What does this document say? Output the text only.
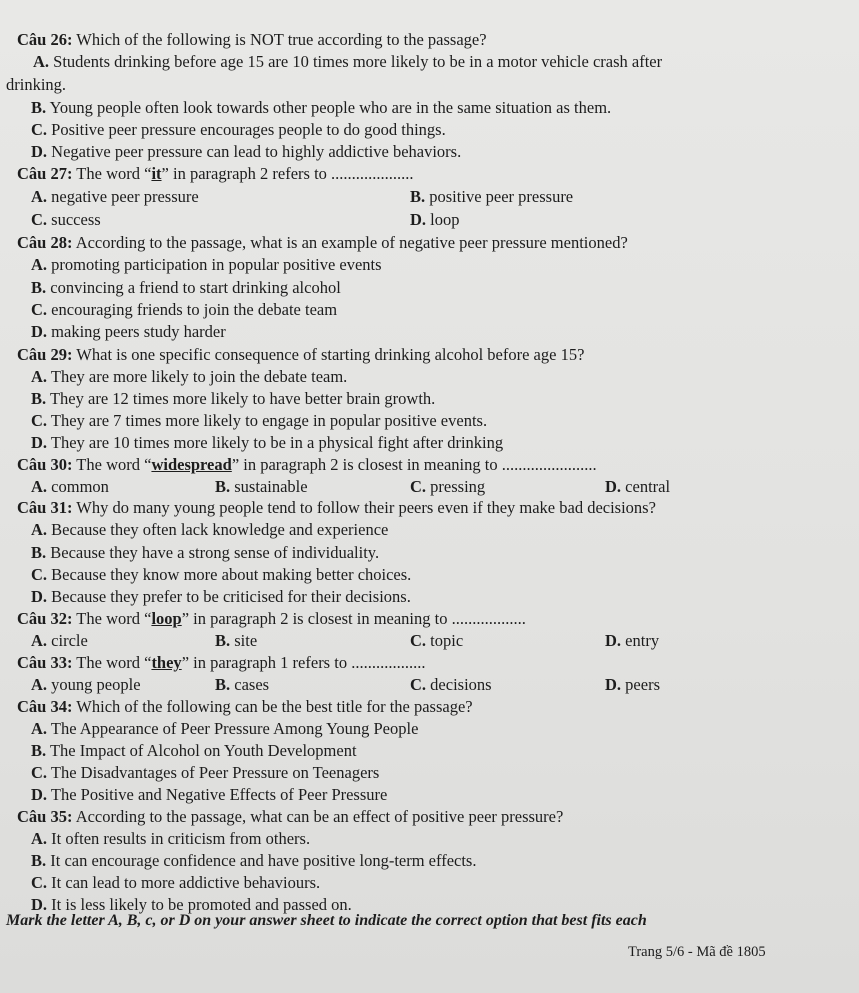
Câu 26: Which of the following is NOT true according to the passage?
A. Students drinking before age 15 are 10 times more likely to be in a motor vehicle crash after
drinking.
B. Young people often look towards other people who are in the same situation as them.
C. Positive peer pressure encourages people to do good things.
D. Negative peer pressure can lead to highly addictive behaviors.
Câu 27: The word “it” in paragraph 2 refers to ....................
A. negative peer pressure	B. positive peer pressure
C. success	D. loop
Câu 28: According to the passage, what is an example of negative peer pressure mentioned?
A. promoting participation in popular positive events
B. convincing a friend to start drinking alcohol
C. encouraging friends to join the debate team
D. making peers study harder
Câu 29: What is one specific consequence of starting drinking alcohol before age 15?
A. They are more likely to join the debate team.
B. They are 12 times more likely to have better brain growth.
C. They are 7 times more likely to engage in popular positive events.
D. They are 10 times more likely to be in a physical fight after drinking
Câu 30: The word “widespread” in paragraph 2 is closest in meaning to .......................
A. common	B. sustainable	C. pressing	D. central
Câu 31: Why do many young people tend to follow their peers even if they make bad decisions?
A. Because they often lack knowledge and experience
B. Because they have a strong sense of individuality.
C. Because they know more about making better choices.
D. Because they prefer to be criticised for their decisions.
Câu 32: The word “loop” in paragraph 2 is closest in meaning to ..................
A. circle	B. site	C. topic	D. entry
Câu 33: The word “they” in paragraph 1 refers to ..................
A. young people	B. cases	C. decisions	D. peers
Câu 34: Which of the following can be the best title for the passage?
A. The Appearance of Peer Pressure Among Young People
B. The Impact of Alcohol on Youth Development
C. The Disadvantages of Peer Pressure on Teenagers
D. The Positive and Negative Effects of Peer Pressure
Câu 35: According to the passage, what can be an effect of positive peer pressure?
A. It often results in criticism from others.
B. It can encourage confidence and have positive long-term effects.
C. It can lead to more addictive behaviours.
D. It is less likely to be promoted and passed on.
Mark the letter A, B, c, or D on your answer sheet to indicate the correct option that best fits each
Trang 5/6 - Mã đề 1805
